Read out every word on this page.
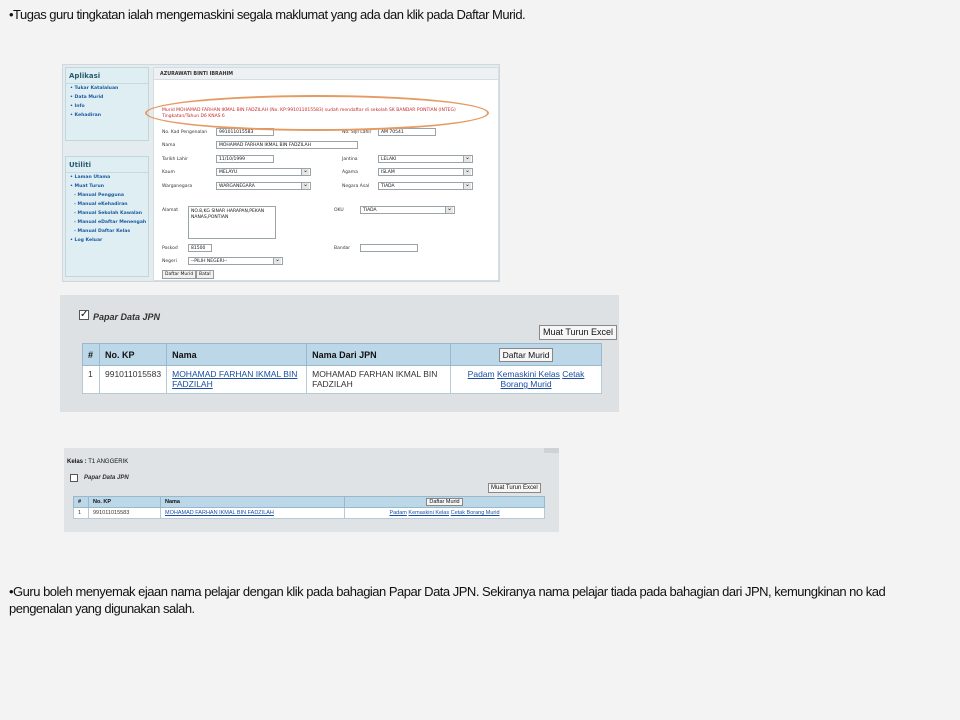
•Tugas guru tingkatan ialah mengemaskini segala maklumat yang ada dan klik pada Daftar Murid.
Aplikasi
• Tukar Katalaluan
• Data Murid
• Info
• Kehadiran
Utiliti
• Laman Utama
• Muat Turun
- Manual Pengguna
- Manual eKehadiran
- Manual Sekolah Kawalan
- Manual eDaftar Menengah
- Manual Daftar Kelas
• Log Keluar
AZURAWATI BINTI IBRAHIM
Murid MOHAMAD FARHAN IKMAL BIN FADZILAH (No. KP:991011015583) sudah mendaftar di sekolah SK BANDAR PONTIAN (INTEG) Tingkatan/Tahun D6 KNAS 6
No. Kad Pengenalan	991011015583	No. Sijil Lahir	AM 70541
Nama	MOHAMAD FARHAN IKMAL BIN FADZILAH
Tarikh Lahir	11/10/1999	Jantina	LELAKI ⌄
Kaum	MELAYU ⌄	Agama	ISLAM ⌄
Warganegara	WARGANEGARA ⌄	Negara Asal	TIADA ⌄
Alamat	NO.8,KG SINAR HARAPAN,PEKAN NANAS,PONTIAN
OKU	TIADA ⌄
Poskod	81500	Bandar
Negeri	--PILIH NEGERI-- ⌄
Daftar Murid	Batal
✓ Papar Data JPN
Muat Turun Excel
#	No. KP	Nama	Nama Dari JPN	Daftar Murid
1	991011015583	MOHAMAD FARHAN IKMAL BIN FADZILAH	MOHAMAD FARHAN IKMAL BIN FADZILAH	Padam Kemaskini Kelas Cetak Borang Murid
Kelas : T1 ANGGERIK
Papar Data JPN
Muat Turun Excel
#	No. KP	Nama	Daftar Murid
1	991011015583	MOHAMAD FARHAN IKMAL BIN FADZILAH	Padam Kemaskini Kelas Cetak Borang Murid
•Guru boleh menyemak ejaan nama pelajar dengan klik pada bahagian Papar Data JPN. Sekiranya nama pelajar tiada pada bahagian dari JPN, kemungkinan no kad pengenalan yang digunakan salah.
